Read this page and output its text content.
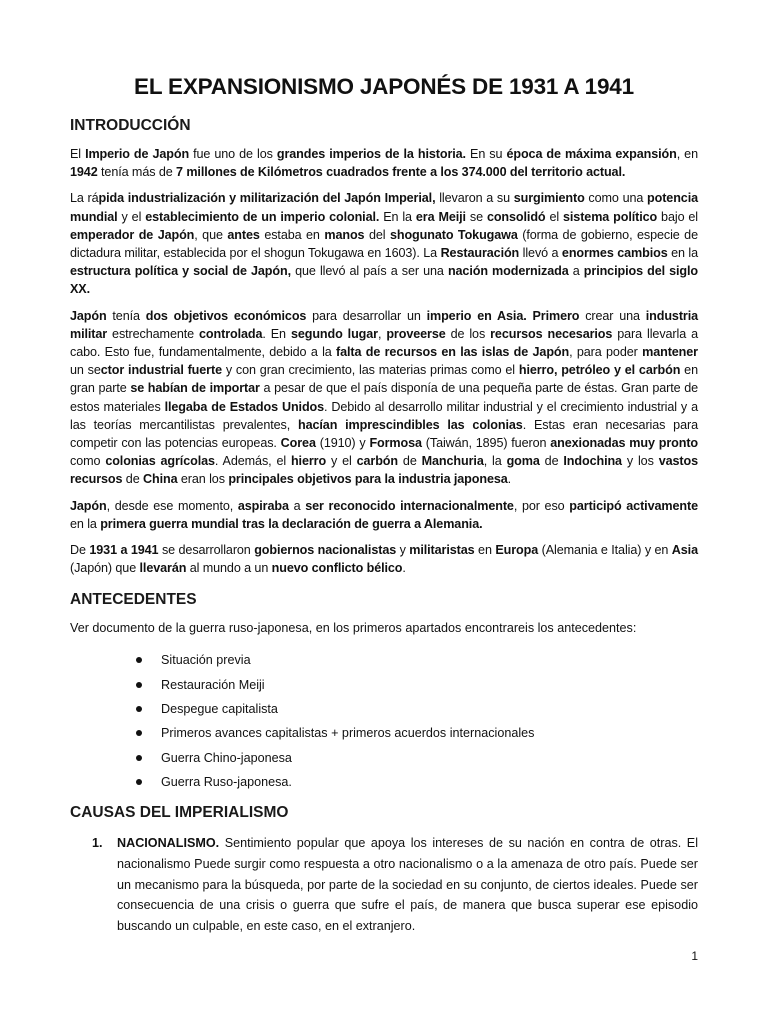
EL EXPANSIONISMO JAPONÉS DE 1931 A 1941
INTRODUCCIÓN

El Imperio de Japón fue uno de los grandes imperios de la historia. En su época de máxima expansión, en 1942 tenía más de 7 millones de Kilómetros cuadrados frente a los 374.000 del territorio actual.

La rápida industrialización y militarización del Japón Imperial, llevaron a su surgimiento como una potencia mundial y el establecimiento de un imperio colonial. En la era Meiji se consolidó el sistema político bajo el emperador de Japón, que antes estaba en manos del shogunato Tokugawa (forma de gobierno, especie de dictadura militar, establecida por el shogun Tokugawa en 1603). La Restauración llevó a enormes cambios en la estructura política y social de Japón, que llevó al país a ser una nación modernizada a principios del siglo XX.

Japón tenía dos objetivos económicos para desarrollar un imperio en Asia. Primero crear una industria militar estrechamente controlada. En segundo lugar, proveerse de los recursos necesarios para llevarla a cabo. Esto fue, fundamentalmente, debido a la falta de recursos en las islas de Japón, para poder mantener un sector industrial fuerte y con gran crecimiento, las materias primas como el hierro, petróleo y el carbón en gran parte se habían de importar a pesar de que el país disponía de una pequeña parte de éstas. Gran parte de estos materiales llegaba de Estados Unidos. Debido al desarrollo militar industrial y el crecimiento industrial y a las teorías mercantilistas prevalentes, hacían imprescindibles las colonias. Estas eran necesarias para competir con las potencias europeas. Corea (1910) y Formosa (Taiwán, 1895) fueron anexionadas muy pronto como colonias agrícolas. Además, el hierro y el carbón de Manchuria, la goma de Indochina y los vastos recursos de China eran los principales objetivos para la industria japonesa.

Japón, desde ese momento, aspiraba a ser reconocido internacionalmente, por eso participó activamente en la primera guerra mundial tras la declaración de guerra a Alemania.

De 1931 a 1941 se desarrollaron gobiernos nacionalistas y militaristas en Europa (Alemania e Italia) y en Asia (Japón) que llevarán al mundo a un nuevo conflicto bélico.

ANTECEDENTES
Ver documento de la guerra ruso-japonesa, en los primeros apartados encontrareis los antecedentes:
Situación previa
Restauración Meiji
Despegue capitalista
Primeros avances capitalistas + primeros acuerdos internacionales
Guerra Chino-japonesa
Guerra Ruso-japonesa.
CAUSAS DEL IMPERIALISMO
1. NACIONALISMO. Sentimiento popular que apoya los intereses de su nación en contra de otras. El nacionalismo Puede surgir como respuesta a otro nacionalismo o a la amenaza de otro país. Puede ser un mecanismo para la búsqueda, por parte de la sociedad en su conjunto, de ciertos ideales. Puede ser consecuencia de una crisis o guerra que sufre el país, de manera que busca superar ese episodio buscando un culpable, en este caso, en el extranjero.
1
